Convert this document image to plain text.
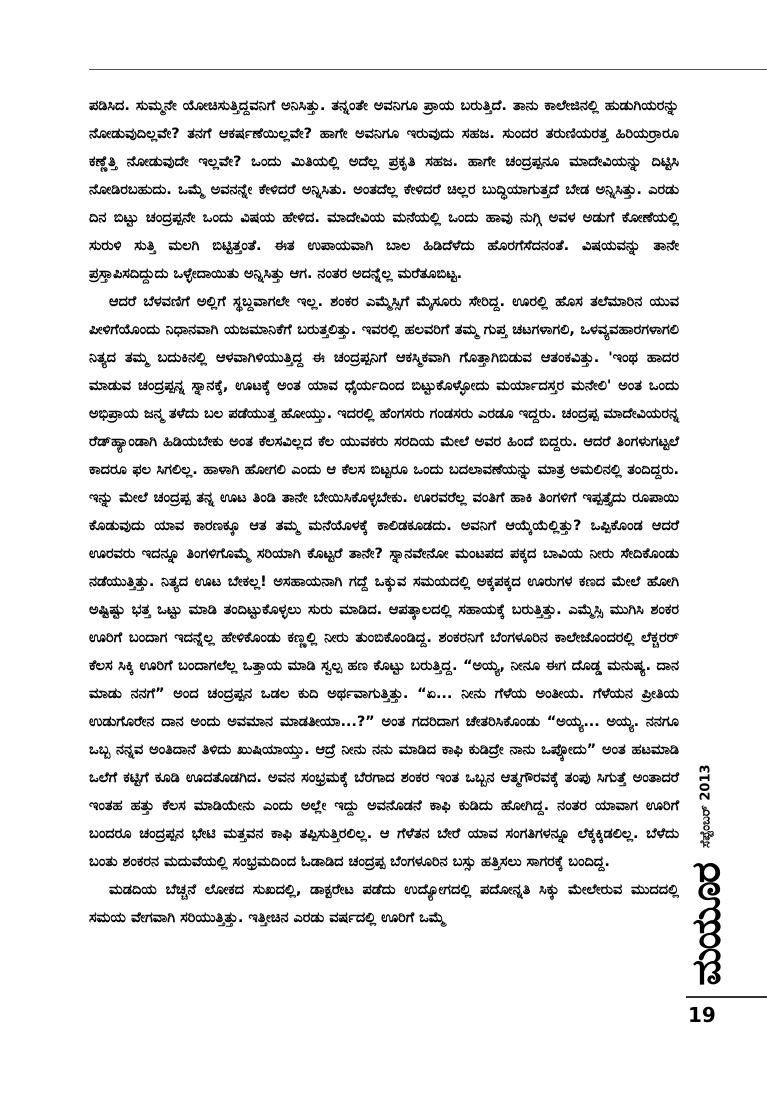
ಪಡಿಸಿದ. ಸುಮ್ಮನೇ ಯೋಚಿಸುತ್ತಿದ್ದವನಿಗೆ ಅನಿಸಿತ್ತು. ತನ್ನಂತೇ ಅವನಿಗೂ ಪ್ರಾಯ ಬರುತ್ತಿದೆ. ತಾನು ಕಾಲೇಜಿನಲ್ಲಿ ಹುಡುಗಿಯರನ್ನು ನೋಡುವುದಿಲ್ಲವೇ? ತನಗೆ ಆಕರ್ಷಣೆಯಿಲ್ಲವೇ? ಹಾಗೇ ಅವನಿಗೂ ಇರುವುದು ಸಹಜ. ಸುಂದರ ತರುಣಿಯರತ್ತ ಹಿರಿಯರ್ರಾರೂ ಕಣ್ಣೆತ್ತಿ ನೋಡುವುದೇ ಇಲ್ಲವೇ? ಒಂದು ಮಿತಿಯಲ್ಲಿ ಅದೆಲ್ಲ ಪ್ರಕೃತಿ ಸಹಜ. ಹಾಗೇ ಚಂದ್ರಪ್ಪನೂ ಮಾದೇವಿಯನ್ನು ದಿಟ್ಟಿಸಿ ನೋಡಿರಬಹುದು. ಒಮ್ಮೆ ಅವನನ್ನೇ ಕೇಳಿದರೆ ಅನ್ನಿಸಿತು. ಅಂತದೆಲ್ಲ ಕೇಳಿದರೆ ಚಿಲ್ಲರ ಬುದ್ಧಿಯಾಗುತ್ತದೆ ಬೇಡ ಅನ್ನಿಸಿತ್ತು. ಎರಡು ದಿನ ಬಿಟ್ಟು ಚಂದ್ರಪ್ಪನೇ ಒಂದು ವಿಷಯ ಹೇಳಿದ. ಮಾದೇವಿಯ ಮನೆಯಲ್ಲಿ ಒಂದು ಹಾವು ನುಗ್ಗಿ ಅವಳ ಅಡುಗೆ ಕೋಣೆಯಲ್ಲಿ ಸುರುಳಿ ಸುತ್ತಿ ಮಲಗಿ ಬಿಟ್ಟಿತ್ತಂತೆ. ಈತ ಉಪಾಯವಾಗಿ ಬಾಲ ಹಿಡಿದೆಳೆದು ಹೊರಗೆಸೆದನಂತೆ. ವಿಷಯವನ್ನು ತಾನೇ ಪ್ರಸ್ತಾಪಿಸದಿದ್ದುದು ಒಳ್ಳೇದಾಯಿತು ಅನ್ನಿಸಿತ್ತು ಆಗ. ನಂತರ ಅದನ್ನೆಲ್ಲ ಮರೆತೂಬಿಟ್ಟ.

ಆದರೆ ಬೆಳವಣಿಗೆ ಅಲ್ಲಿಗೆ ಸ್ಥಬ್ದವಾಗಲೇ ಇಲ್ಲ. ಶಂಕರ ಎಮ್ಮೆಸ್ಸಿಗೆ ಮೈಸೂರು ಸೇರಿದ್ದ. ಊರಲ್ಲಿ ಹೊಸ ತಲೆಮಾರಿನ ಯುವ ಪೀಳಿಗೆಯೊಂದು ನಿಧಾನವಾಗಿ ಯಜಮಾನಿಕೆಗೆ ಬರುತ್ತಲಿತ್ತು. ಇವರಲ್ಲಿ ಹಲವರಿಗೆ ತಮ್ಮ ಗುಪ್ತ ಚಟಗಳಾಗಲಿ, ಒಳವ್ಯವಹಾರಗಳಾಗಲಿ ನಿತ್ಯದ ತಮ್ಮ ಬದುಕಿನಲ್ಲಿ ಆಳವಾಗಿಳಿಯುತ್ತಿದ್ದ ಈ ಚಂದ್ರಪ್ಪನಿಗೆ ಆಕಸ್ಮಿಕವಾಗಿ ಗೊತ್ತಾಗಿಬಿಡುವ ಆತಂಕವಿತ್ತು. 'ಇಂಥ ಹಾದರ ಮಾಡುವ ಚಂದ್ರಪ್ಪನ್ನ ಸ್ನಾನಕ್ಕೆ, ಊಟಕ್ಕೆ ಅಂತ ಯಾವ ಧೈರ್ಯದಿಂದ ಬಿಟ್ಟುಕೊಳ್ಳೋದು ಮರ್ಯಾದಸ್ತರ ಮನೇಲಿ' ಅಂತ ಒಂದು ಅಭಿಪ್ರಾಯ ಜನ್ಮ ತಳೆದು ಬಲ ಪಡೆಯುತ್ತ ಹೋಯ್ತು. ಇದರಲ್ಲಿ ಹೆಂಗಸರು ಗಂಡಸರು ಎರಡೂ ಇದ್ದರು. ಚಂದ್ರಪ್ಪ ಮಾದೇವಿಯರನ್ನ ರೆಡ್‌ಹ್ಯಾಂಡಾಗಿ ಹಿಡಿಯಬೇಕು ಅಂತ ಕೆಲಸವಿಲ್ಲದ ಕೆಲ ಯುವಕರು ಸರದಿಯ ಮೇಲೆ ಅವರ ಹಿಂದೆ ಬಿದ್ದರು. ಆದರೆ ತಿಂಗಳುಗಟ್ಟಲೆ ಕಾದರೂ ಫಲ ಸಿಗಲಿಲ್ಲ. ಹಾಳಾಗಿ ಹೋಗಲಿ ಎಂದು ಆ ಕೆಲಸ ಬಿಟ್ಟರೂ ಒಂದು ಬದಲಾವಣೆಯನ್ನು ಮಾತ್ರ ಅಮಲಿನಲ್ಲಿ ತಂದಿದ್ದರು. ಇನ್ನು ಮೇಲೆ ಚಂದ್ರಪ್ಪ ತನ್ನ ಊಟ ತಿಂಡಿ ತಾನೇ ಬೇಯಿಸಿಕೊಳ್ಳಬೇಕು. ಊರವರೆಲ್ಲ ವಂತಿಗೆ ಹಾಕಿ ತಿಂಗಳಿಗೆ ಇಪ್ಪತ್ತೈದು ರೂಪಾಯಿ ಕೊಡುವುದು ಯಾವ ಕಾರಣಕ್ಕೂ ಆತ ತಮ್ಮ ಮನೆಯೊಳಕ್ಕೆ ಕಾಲಿಡಕೂಡದು. ಅವನಿಗೆ ಆಯ್ಕೆಯೆಲ್ಲಿತ್ತು? ಒಪ್ಪಿಕೊಂಡ ಆದರೆ ಊರವರು ಇದನ್ನೂ ತಿಂಗಳಿಗೊಮ್ಮೆ ಸರಿಯಾಗಿ ಕೊಟ್ಟರೆ ತಾನೇ? ಸ್ನಾನವೇನೋ ಮಂಟಪದ ಪಕ್ಕದ ಬಾವಿಯ ನೀರು ಸೇದಿಕೊಂಡು ನಡೆಯುತ್ತಿತ್ತು. ನಿತ್ಯದ ಊಟ ಬೇಕಲ್ಲ! ಅಸಹಾಯನಾಗಿ ಗದ್ದೆ ಒಕ್ಕುವ ಸಮಯದಲ್ಲಿ ಅಕ್ಕಪಕ್ಕದ ಊರುಗಳ ಕಣದ ಮೇಲೆ ಹೋಗಿ ಅಷ್ಟಿಷ್ಟು ಭತ್ತ ಒಟ್ಟು ಮಾಡಿ ತಂದಿಟ್ಟುಕೊಳ್ಳಲು ಸುರು ಮಾಡಿದ. ಆಪತ್ಕಾಲದಲ್ಲಿ ಸಹಾಯಕ್ಕೆ ಬರುತ್ತಿತ್ತು. ಎಮ್ಮೆಸ್ಸಿ ಮುಗಿಸಿ ಶಂಕರ ಊರಿಗೆ ಬಂದಾಗ ಇದನ್ನೆಲ್ಲ ಹೇಳಿಕೊಂಡು ಕಣ್ಣಲ್ಲಿ ನೀರು ತುಂಬಿಕೊಂಡಿದ್ದ. ಶಂಕರನಿಗೆ ಬೆಂಗಳೂರಿನ ಕಾಲೇಜೊಂದರಲ್ಲಿ ಲೆಕ್ಚರರ್ ಕೆಲಸ ಸಿಕ್ಕಿ ಊರಿಗೆ ಬಂದಾಗಲೆಲ್ಲ ಒತ್ತಾಯ ಮಾಡಿ ಸ್ವಲ್ಪ ಹಣ ಕೊಟ್ಟು ಬರುತ್ತಿದ್ದ. “ಅಯ್ಯ, ನೀನೂ ಈಗ ದೊಡ್ಡ ಮನುಷ್ಯ. ದಾನ ಮಾಡು ನನಗೆ” ಅಂದ ಚಂದ್ರಪ್ಪನ ಒಡಲ ಕುದಿ ಅರ್ಥವಾಗುತ್ತಿತ್ತು. “ಏ... ನೀನು ಗೆಳೆಯ ಅಂತೀಯ. ಗೆಳೆಯನ ಪ್ರೀತಿಯ ಉಡುಗೊರೇನ ದಾನ ಅಂದು ಅವಮಾನ ಮಾಡತೀಯಾ...?” ಅಂತ ಗದರಿದಾಗ ಚೇತರಿಸಿಕೊಂಡು “ಅಯ್ಯ... ಅಯ್ಯ. ನನಗೂ ಒಬ್ಬ ನನ್ನವ ಅಂತಿದಾನೆ ತಿಳಿದು ಖುಷಿಯಾಯ್ತು. ಆದ್ರೆ ನೀನು ನನು ಮಾಡಿದ ಕಾಫಿ ಕುಡಿದ್ರೇ ನಾನು ಒಪ್ಕೋದು” ಅಂತ ಹಟಮಾಡಿ ಒಲೆಗೆ ಕಟ್ಟಿಗೆ ಕೂಡಿ ಊದತೊಡಗಿದ. ಅವನ ಸಂಭ್ರಮಕ್ಕೆ ಬೆರಗಾದ ಶಂಕರ ಇಂತ ಒಬ್ಬನ ಆತ್ಮಗೌರವಕ್ಕೆ ತಂಪು ಸಿಗುತ್ತೆ ಅಂತಾದರೆ ಇಂತಹ ಹತ್ತು ಕೆಲಸ ಮಾಡಿಯೇನು ಎಂದು ಅಲ್ಲೇ ಇದ್ದು ಅವನೊಡನೆ ಕಾಫಿ ಕುಡಿದು ಹೋಗಿದ್ದ. ನಂತರ ಯಾವಾಗ ಊರಿಗೆ ಬಂದರೂ ಚಂದ್ರಪ್ಪನ ಭೇಟಿ ಮತ್ತವನ ಕಾಫಿ ತಪ್ಪಿಸುತ್ತಿರಲಿಲ್ಲ. ಆ ಗೆಳೆತನ ಬೇರೆ ಯಾವ ಸಂಗತಿಗಳನ್ನೂ ಲೆಕ್ಕಕ್ಕಿಡಲಿಲ್ಲ. ಬೆಳೆದು ಬಂತು ಶಂಕರನ ಮದುವೆಯಲ್ಲಿ ಸಂಭ್ರಮದಿಂದ ಓಡಾಡಿದ ಚಂದ್ರಪ್ಪ ಬೆಂಗಳೂರಿನ ಬಸ್ಸು ಹತ್ತಿಸಲು ಸಾಗರಕ್ಕೆ ಬಂದಿದ್ದ.

ಮಡದಿಯ ಬೆಚ್ಚನೆ ಲೋಕದ ಸುಖದಲ್ಲಿ, ಡಾಕ್ಟರೇಟ ಪಡೆದು ಉದ್ಯೋಗದಲ್ಲಿ ಪದೋನ್ನತಿ ಸಿಕ್ಕು ಮೇಲೇರುವ ಮುದದಲ್ಲಿ ಸಮಯ ವೇಗವಾಗಿ ಸರಿಯುತ್ತಿತ್ತು. ಇತ್ತೀಚಿನ ಎರಡು ವರ್ಷದಲ್ಲಿ ಊರಿಗೆ ಒಮ್ಮೆ	ಮಯೂರ
ಸೆಪ್ಟೆಂಬರ್ 2013
19
